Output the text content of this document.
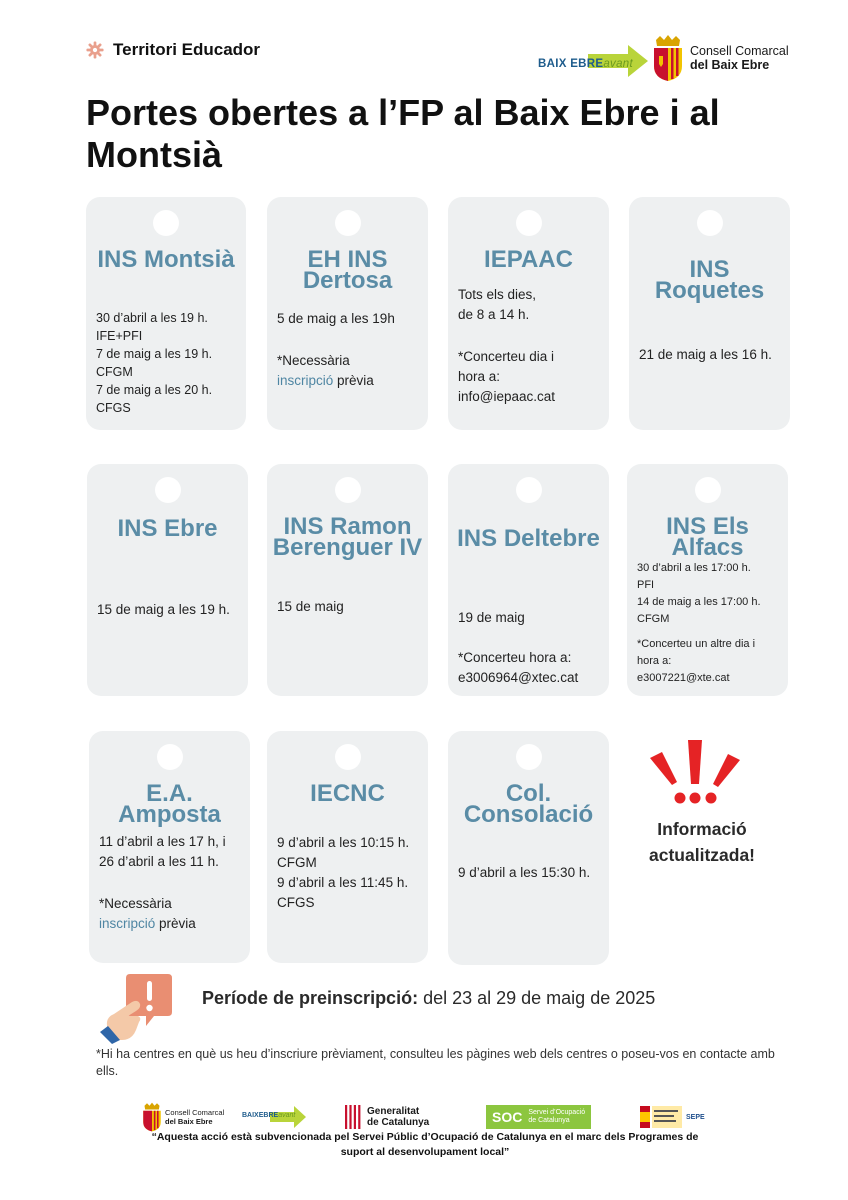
Territori Educador
BAIX EBREavant
Consell Comarcal
del Baix Ebre
Portes obertes a l’FP al Baix Ebre i al Montsià
INS Montsià
30 d’abril a les 19 h.
IFE+PFI
7 de maig a les 19 h.
CFGM
7 de maig a les 20 h.
CFGS
EH INS Dertosa
5 de maig a les 19h
*Necessària
inscripció prèvia
IEPAAC
Tots els dies,
de 8 a 14 h.
*Concerteu dia i
hora a:
info@iepaac.cat
INS Roquetes
21 de maig a les 16 h.
INS Ebre
15 de maig a les 19 h.
INS Ramon Berenguer IV
15 de maig
INS Deltebre
19 de maig
*Concerteu hora a:
e3006964@xtec.cat
INS Els Alfacs
30 d’abril a les 17:00 h.
PFI
14 de maig a les 17:00 h.
CFGM
*Concerteu un altre dia i
hora a:
e3007221@xte.cat
E.A. Amposta
11 d’abril a les 17 h, i
26 d’abril a les 11 h.
*Necessària
inscripció prèvia
IECNC
9 d’abril a les 10:15 h.
CFGM
9 d’abril a les 11:45 h.
CFGS
Col. Consolació
9 d’abril a les 15:30 h.
Informació
actualitzada!
Període de preinscripció: del 23 al 29 de maig de 2025
*Hi ha centres en què us heu d’inscriure prèviament, consulteu les pàgines web dels centres o poseu-vos en contacte amb ells.
Consell Comarcal
del Baix Ebre
BAIXEBREavant	Generalitat
de Catalunya	SOC Servei d’Ocupació
de Catalunya	SEPE
“Aquesta acció està subvencionada pel Servei Públic d’Ocupació de Catalunya en el marc dels Programes de suport al desenvolupament local”
